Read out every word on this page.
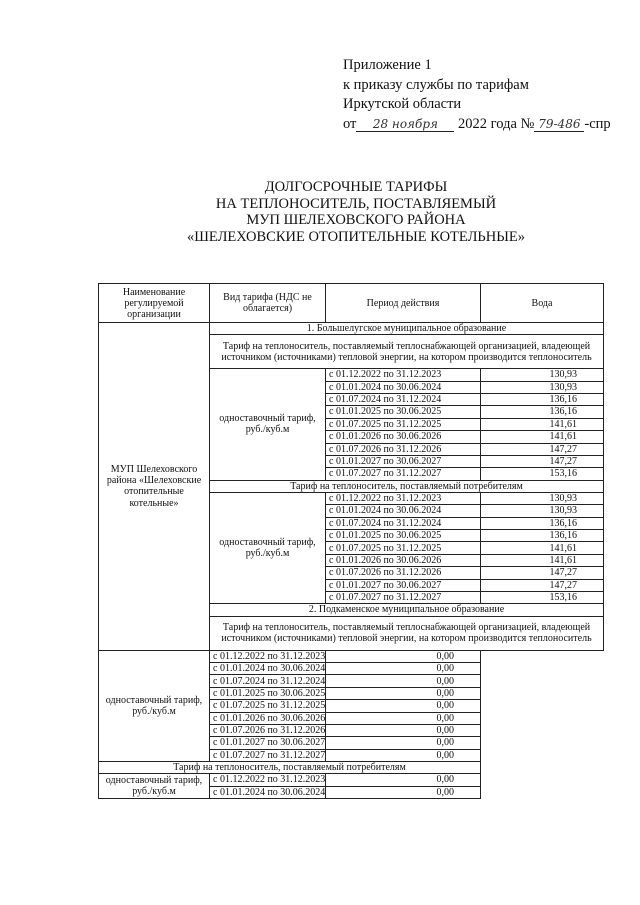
Приложение 1
к приказу службы по тарифам
Иркутской области
от 28 ноября 2022 года № 79-486 -спр
ДОЛГОСРОЧНЫЕ ТАРИФЫ
НА ТЕПЛОНОСИТЕЛЬ, ПОСТАВЛЯЕМЫЙ
МУП ШЕЛЕХОВСКОГО РАЙОНА
«ШЕЛЕХОВСКИЕ ОТОПИТЕЛЬНЫЕ КОТЕЛЬНЫЕ»
Наименование регулируемой организации	Вид тарифа (НДС не облагается)	Период действия	Вода
МУП Шелеховского района «Шелеховские отопительные котельные»	1. Большелугское муниципальное образование		
	Тариф на теплоноситель, поставляемый теплоснабжающей организацией, владеющей источником (источниками) тепловой энергии, на котором производится теплоноситель		
	одноставочный тариф, руб./куб.м	с 01.12.2022 по 31.12.2023	130,93
		с 01.01.2024 по 30.06.2024	130,93
		с 01.07.2024 по 31.12.2024	136,16
		с 01.01.2025 по 30.06.2025	136,16
		с 01.07.2025 по 31.12.2025	141,61
		с 01.01.2026 по 30.06.2026	141,61
		с 01.07.2026 по 31.12.2026	147,27
		с 01.01.2027 по 30.06.2027	147,27
		с 01.07.2027 по 31.12.2027	153,16
	Тариф на теплоноситель, поставляемый потребителям		
	одноставочный тариф, руб./куб.м	с 01.12.2022 по 31.12.2023	130,93
		с 01.01.2024 по 30.06.2024	130,93
		с 01.07.2024 по 31.12.2024	136,16
		с 01.01.2025 по 30.06.2025	136,16
		с 01.07.2025 по 31.12.2025	141,61
		с 01.01.2026 по 30.06.2026	141,61
		с 01.07.2026 по 31.12.2026	147,27
		с 01.01.2027 по 30.06.2027	147,27
		с 01.07.2027 по 31.12.2027	153,16
	2. Подкаменское муниципальное образование		
	Тариф на теплоноситель, поставляемый теплоснабжающей организацией, владеющей источником (источниками) тепловой энергии, на котором производится теплоноситель		
одноставочный тариф, руб./куб.м	с 01.12.2022 по 31.12.2023	0,00	
	с 01.01.2024 по 30.06.2024	0,00	
	с 01.07.2024 по 31.12.2024	0,00	
	с 01.01.2025 по 30.06.2025	0,00	
	с 01.07.2025 по 31.12.2025	0,00	
	с 01.01.2026 по 30.06.2026	0,00	
	с 01.07.2026 по 31.12.2026	0,00	
	с 01.01.2027 по 30.06.2027	0,00	
	с 01.07.2027 по 31.12.2027	0,00	
Тариф на теплоноситель, поставляемый потребителям			
одноставочный тариф, руб./куб.м	с 01.12.2022 по 31.12.2023	0,00	
	с 01.01.2024 по 30.06.2024	0,00	
